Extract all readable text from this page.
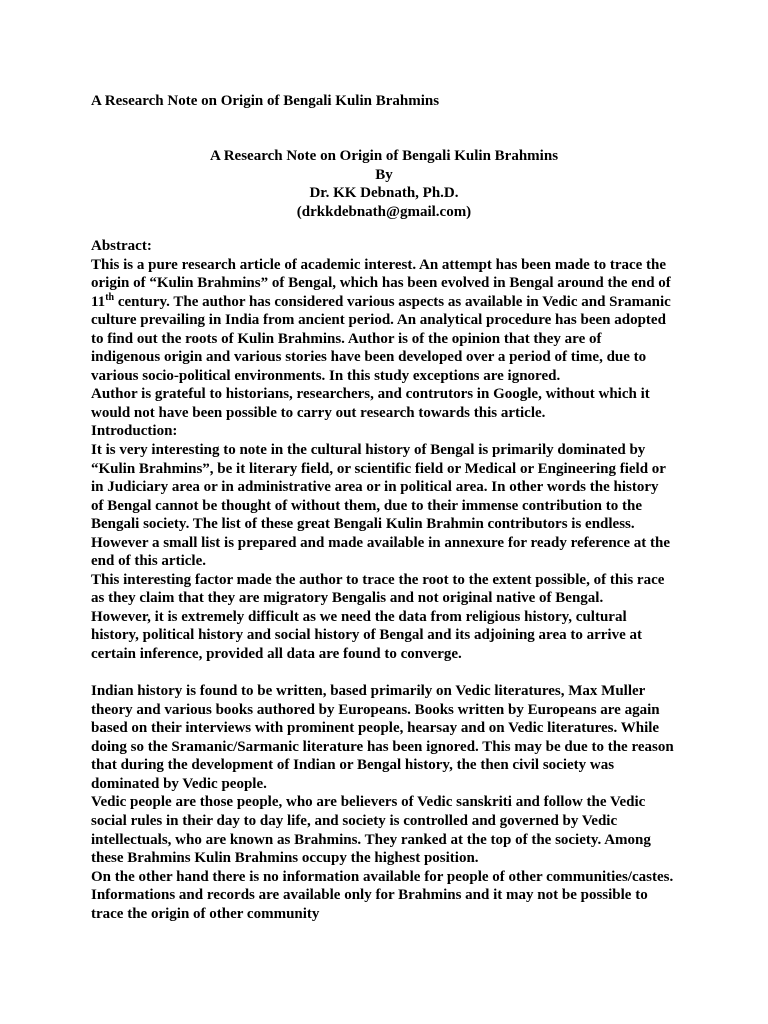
A Research Note on Origin of Bengali Kulin Brahmins
A Research Note on Origin of Bengali Kulin Brahmins
By
Dr. KK Debnath, Ph.D.
(drkkdebnath@gmail.com)
Abstract:
This is a pure research article of academic interest. An attempt has been made to trace the
origin of “Kulin Brahmins” of Bengal, which has been evolved in Bengal around the end of
11th century. The author has considered various aspects as available in Vedic and Sramanic
culture prevailing in India from ancient period. An analytical procedure has been adopted
to find out the roots of Kulin Brahmins. Author is of the opinion that they are of
indigenous origin and various stories have been developed over a period of time, due to
various socio-political environments. In this study exceptions are ignored.
Author is grateful to historians, researchers, and contrutors in Google, without which it
would not have been possible to carry out research towards this article.
Introduction:
It is very interesting to note in the cultural history of Bengal is primarily dominated by
“Kulin Brahmins”, be it literary field, or scientific field or Medical or Engineering field or
in Judiciary area or in administrative area or in political area. In other words the history
of Bengal cannot be thought of without them, due to their immense contribution to the
Bengali society. The list of these great Bengali Kulin Brahmin contributors is endless.
However a small list is prepared and made available in annexure for ready reference at the
end of this article.
This interesting factor made the author to trace the root to the extent possible, of this race
as they claim that they are migratory Bengalis and not original native of Bengal.
However, it is extremely difficult as we need the data from religious history, cultural
history, political history and social history of Bengal and its adjoining area to arrive at
certain inference, provided all data are found to converge.
Indian history is found to be written, based primarily on Vedic literatures, Max Muller
theory and various books authored by Europeans. Books written by Europeans are again
based on their interviews with prominent people, hearsay and on Vedic literatures. While
doing so the Sramanic/Sarmanic literature has been ignored. This may be due to the reason
that during the development of Indian or Bengal history, the then civil society was
dominated by Vedic people.
Vedic people are those people, who are believers of Vedic sanskriti and follow the Vedic
social rules in their day to day life, and society is controlled and governed by Vedic
intellectuals, who are known as Brahmins. They ranked at the top of the society. Among
these Brahmins Kulin Brahmins occupy the highest position.
On the other hand there is no information available for people of other communities/castes.
Informations and records are available only for Brahmins and it may not be possible to
trace the origin of other community
